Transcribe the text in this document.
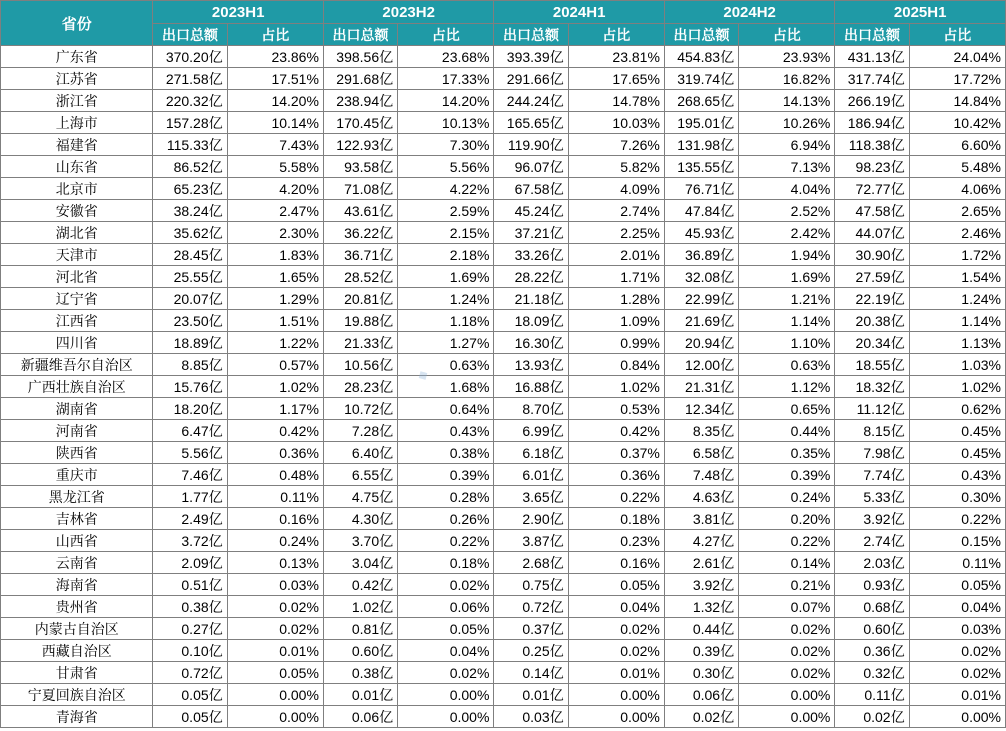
省份	2023H1		2023H2		2024H1		2024H2		2025H1	
	出口总额	占比	出口总额	占比	出口总额	占比	出口总额	占比	出口总额	占比
广东省	370.20亿	23.86%	398.56亿	23.68%	393.39亿	23.81%	454.83亿	23.93%	431.13亿	24.04%
江苏省	271.58亿	17.51%	291.68亿	17.33%	291.66亿	17.65%	319.74亿	16.82%	317.74亿	17.72%
浙江省	220.32亿	14.20%	238.94亿	14.20%	244.24亿	14.78%	268.65亿	14.13%	266.19亿	14.84%
上海市	157.28亿	10.14%	170.45亿	10.13%	165.65亿	10.03%	195.01亿	10.26%	186.94亿	10.42%
福建省	115.33亿	7.43%	122.93亿	7.30%	119.90亿	7.26%	131.98亿	6.94%	118.38亿	6.60%
山东省	86.52亿	5.58%	93.58亿	5.56%	96.07亿	5.82%	135.55亿	7.13%	98.23亿	5.48%
北京市	65.23亿	4.20%	71.08亿	4.22%	67.58亿	4.09%	76.71亿	4.04%	72.77亿	4.06%
安徽省	38.24亿	2.47%	43.61亿	2.59%	45.24亿	2.74%	47.84亿	2.52%	47.58亿	2.65%
湖北省	35.62亿	2.30%	36.22亿	2.15%	37.21亿	2.25%	45.93亿	2.42%	44.07亿	2.46%
天津市	28.45亿	1.83%	36.71亿	2.18%	33.26亿	2.01%	36.89亿	1.94%	30.90亿	1.72%
河北省	25.55亿	1.65%	28.52亿	1.69%	28.22亿	1.71%	32.08亿	1.69%	27.59亿	1.54%
辽宁省	20.07亿	1.29%	20.81亿	1.24%	21.18亿	1.28%	22.99亿	1.21%	22.19亿	1.24%
江西省	23.50亿	1.51%	19.88亿	1.18%	18.09亿	1.09%	21.69亿	1.14%	20.38亿	1.14%
四川省	18.89亿	1.22%	21.33亿	1.27%	16.30亿	0.99%	20.94亿	1.10%	20.34亿	1.13%
新疆维吾尔自治区	8.85亿	0.57%	10.56亿	0.63%	13.93亿	0.84%	12.00亿	0.63%	18.55亿	1.03%
广西壮族自治区	15.76亿	1.02%	28.23亿	1.68%	16.88亿	1.02%	21.31亿	1.12%	18.32亿	1.02%
湖南省	18.20亿	1.17%	10.72亿	0.64%	8.70亿	0.53%	12.34亿	0.65%	11.12亿	0.62%
河南省	6.47亿	0.42%	7.28亿	0.43%	6.99亿	0.42%	8.35亿	0.44%	8.15亿	0.45%
陕西省	5.56亿	0.36%	6.40亿	0.38%	6.18亿	0.37%	6.58亿	0.35%	7.98亿	0.45%
重庆市	7.46亿	0.48%	6.55亿	0.39%	6.01亿	0.36%	7.48亿	0.39%	7.74亿	0.43%
黑龙江省	1.77亿	0.11%	4.75亿	0.28%	3.65亿	0.22%	4.63亿	0.24%	5.33亿	0.30%
吉林省	2.49亿	0.16%	4.30亿	0.26%	2.90亿	0.18%	3.81亿	0.20%	3.92亿	0.22%
山西省	3.72亿	0.24%	3.70亿	0.22%	3.87亿	0.23%	4.27亿	0.22%	2.74亿	0.15%
云南省	2.09亿	0.13%	3.04亿	0.18%	2.68亿	0.16%	2.61亿	0.14%	2.03亿	0.11%
海南省	0.51亿	0.03%	0.42亿	0.02%	0.75亿	0.05%	3.92亿	0.21%	0.93亿	0.05%
贵州省	0.38亿	0.02%	1.02亿	0.06%	0.72亿	0.04%	1.32亿	0.07%	0.68亿	0.04%
内蒙古自治区	0.27亿	0.02%	0.81亿	0.05%	0.37亿	0.02%	0.44亿	0.02%	0.60亿	0.03%
西藏自治区	0.10亿	0.01%	0.60亿	0.04%	0.25亿	0.02%	0.39亿	0.02%	0.36亿	0.02%
甘肃省	0.72亿	0.05%	0.38亿	0.02%	0.14亿	0.01%	0.30亿	0.02%	0.32亿	0.02%
宁夏回族自治区	0.05亿	0.00%	0.01亿	0.00%	0.01亿	0.00%	0.06亿	0.00%	0.11亿	0.01%
青海省	0.05亿	0.00%	0.06亿	0.00%	0.03亿	0.00%	0.02亿	0.00%	0.02亿	0.00%
◆
